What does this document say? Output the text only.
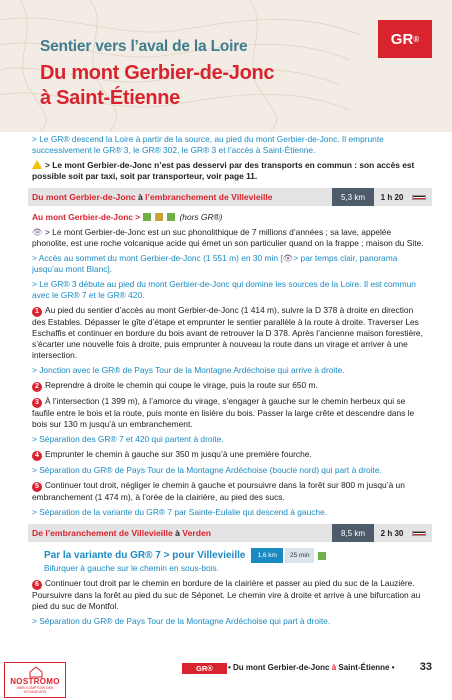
GR ®
Sentier vers l’aval de la Loire
Du mont Gerbier-de-Jonc
à Saint-Étienne
> Le GR® descend la Loire à partir de la source, au pied du mont Gerbier-de-Jonc. Il emprunte successivement le GR® 3, le GR® 302, le GR® 3 et l’accès à Saint-Étienne.
> Le mont Gerbier-de-Jonc n’est pas desservi par des transports en commun : son accès est possible soit par taxi, soit par transporteur, voir page 11.
Du mont Gerbier-de-Jonc à l’embranchement de Villevieille	5,3 km	1 h 20
Au mont Gerbier-de-Jonc >	(hors GR®)
👁 > Le mont Gerbier-de-Jonc est un suc phonolithique de 7 millions d’années ; sa lave, appelée phonolite, est une roche volcanique acide qui émet un son particulier quand on la frappe ; maison du Site.
> Accès au sommet du mont Gerbier-de-Jonc (1 551 m) en 30 min [👁> par temps clair, panorama jusqu’au mont Blanc].
> Le GR® 3 débute au pied du mont Gerbier-de-Jonc qui domine les sources de la Loire. Il est commun avec le GR® 7 et le GR® 420.
1 Au pied du sentier d’accès au mont Gerbier-de-Jonc (1 414 m), suivre la D 378 à droite en direction des Estables. Dépasser le gîte d’étape et emprunter le sentier parallèle à la route à droite. Traverser Les Eschaffis et continuer en bordure du bois avant de retrouver la D 378. Après l’ancienne maison forestière, s’écarter une nouvelle fois à droite, puis emprunter à nouveau la route dans un virage et arriver à une intersection.
> Jonction avec le GR® de Pays Tour de la Montagne Ardéchoise qui arrive à droite.
2 Reprendre à droite le chemin qui coupe le virage, puis la route sur 650 m.
3 À l’intersection (1 399 m), à l’amorce du virage, s’engager à gauche sur le chemin herbeux qui se faufile entre le bois et la route, puis monte en lisière du bois. Passer la large crête et descendre dans le bois sur 130 m jusqu’à un embranchement.
> Séparation des GR® 7 et 420 qui partent à droite.
4 Emprunter le chemin à gauche sur 350 m jusqu’à une première fourche.
> Séparation du GR® de Pays Tour de la Montagne Ardéchoise (boucle nord) qui part à droite.
5 Continuer tout droit, négliger le chemin à gauche et poursuivre dans la forêt sur 800 m jusqu’à un embranchement (1 474 m), à l’orée de la clairière, au pied des sucs.
> Séparation de la variante du GR® 7 par Sainte-Eulalie qui descend à gauche.
De l’embranchement de Villevieille à Verden	8,5 km	2 h 30
Par la variante du GR® 7 > pour Villevieille	1,6 km	25 min
Bifurquer à gauche sur le chemin en sous-bois.
6 Continuer tout droit par le chemin en bordure de la clairière et passer au pied du suc de la Lauzière. Poursuivre dans la forêt au pied du suc de Séponet. Le chemin vire à droite et arrive à une bifurcation au pied du suc de Montfol.
> Séparation du GR® de Pays Tour de la Montagne Ardéchoise qui part à droite.
GR®	• Du mont Gerbier-de-Jonc à Saint-Étienne • 33
NOSTROMO
WEB COMPTOIR DES VOYAGEURS
